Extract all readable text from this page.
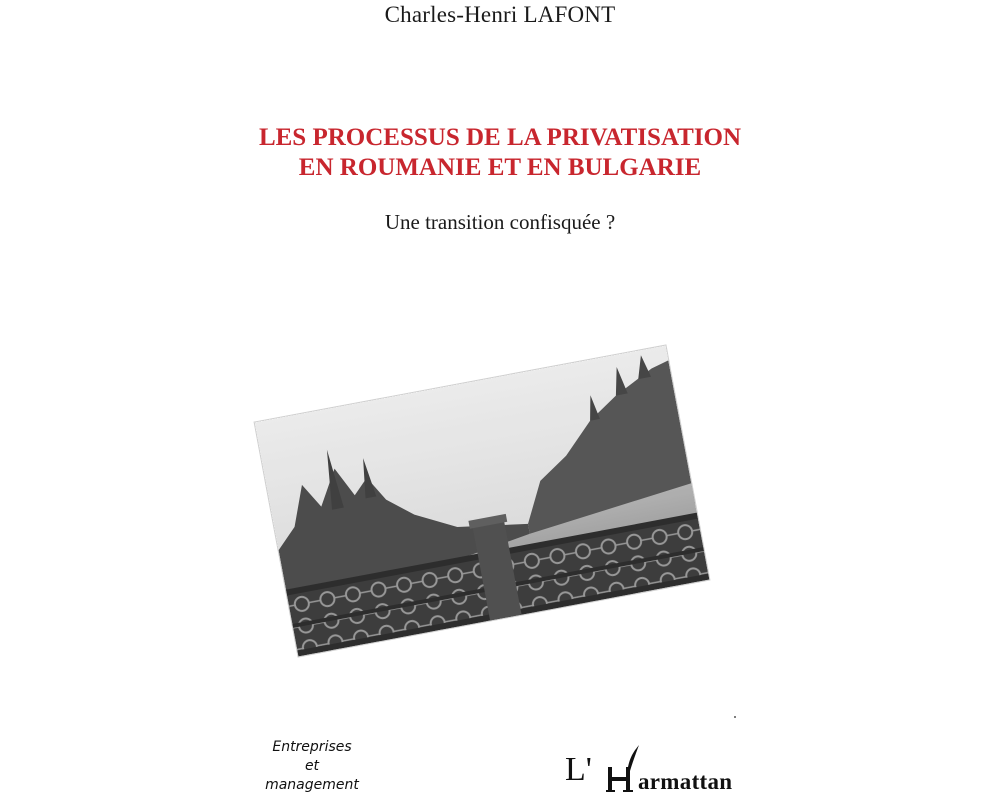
Charles-Henri LAFONT
LES PROCESSUS DE LA PRIVATISATION
EN ROUMANIE ET EN BULGARIE
Une transition confisquée ?
Entreprises
et
management	L' armattan
